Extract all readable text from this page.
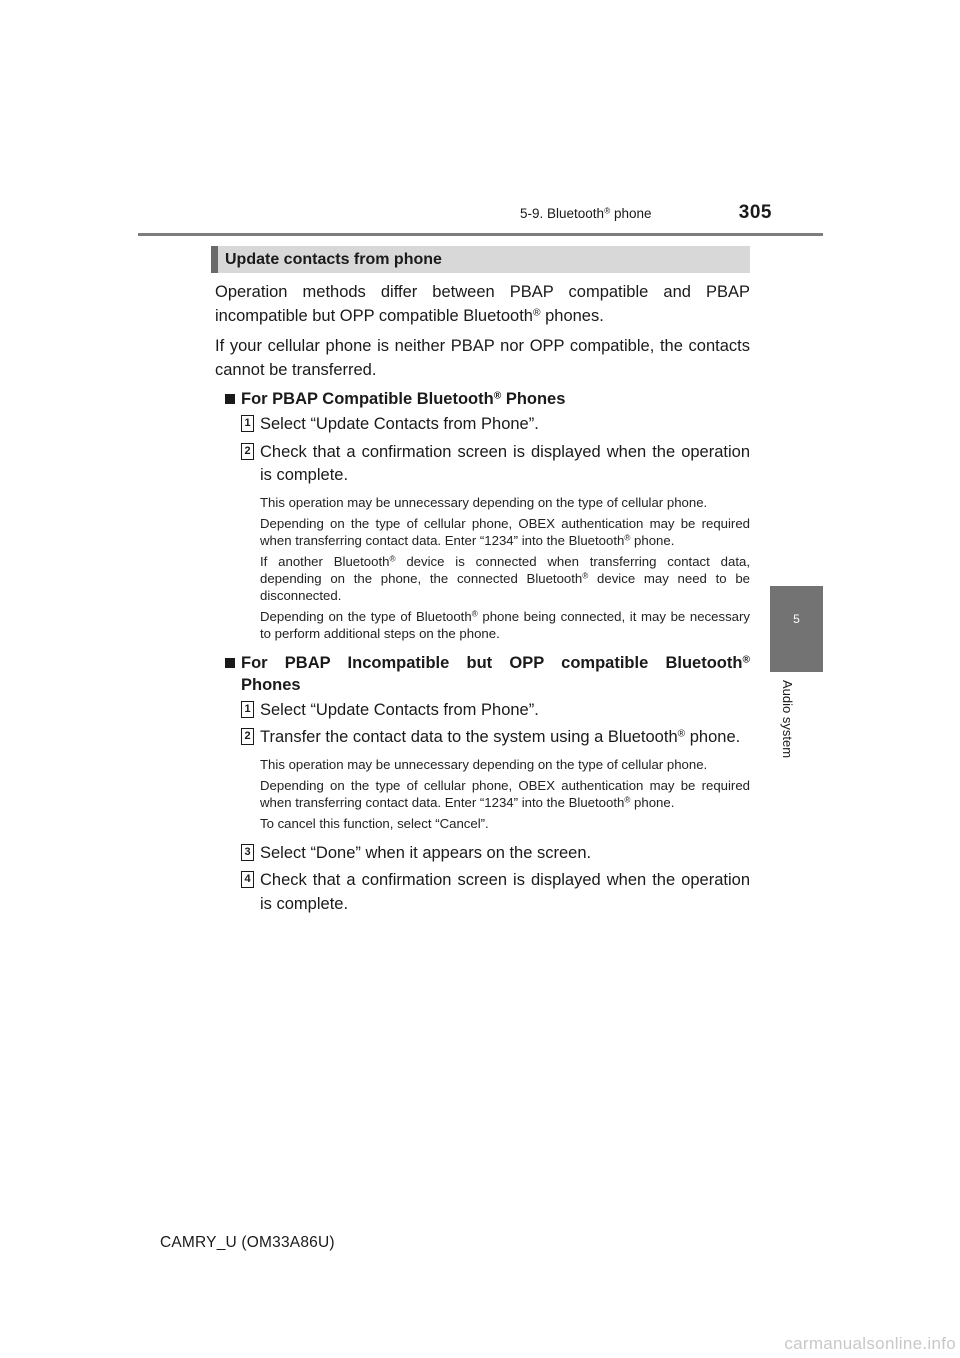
5-9. Bluetooth® phone	305
5
Audio system
Update contacts from phone

Operation methods differ between PBAP compatible and PBAP incompatible but OPP compatible Bluetooth® phones.

If your cellular phone is neither PBAP nor OPP compatible, the contacts cannot be transferred.

For PBAP Compatible Bluetooth® Phones
1 Select “Update Contacts from Phone”.
2 Check that a confirmation screen is displayed when the operation is complete.

This operation may be unnecessary depending on the type of cellular phone.

Depending on the type of cellular phone, OBEX authentication may be required when transferring contact data. Enter “1234” into the Bluetooth® phone.

If another Bluetooth® device is connected when transferring contact data, depending on the phone, the connected Bluetooth® device may need to be disconnected.

Depending on the type of Bluetooth® phone being connected, it may be necessary to perform additional steps on the phone.

For PBAP Incompatible but OPP compatible Bluetooth®
Phones
1 Select “Update Contacts from Phone”.
2 Transfer the contact data to the system using a Bluetooth® phone.

This operation may be unnecessary depending on the type of cellular phone.

Depending on the type of cellular phone, OBEX authentication may be required when transferring contact data. Enter “1234” into the Bluetooth® phone.

To cancel this function, select “Cancel”.

3 Select “Done” when it appears on the screen.
4 Check that a confirmation screen is displayed when the operation is complete.
CAMRY_U (OM33A86U)
carmanualsonline.info
